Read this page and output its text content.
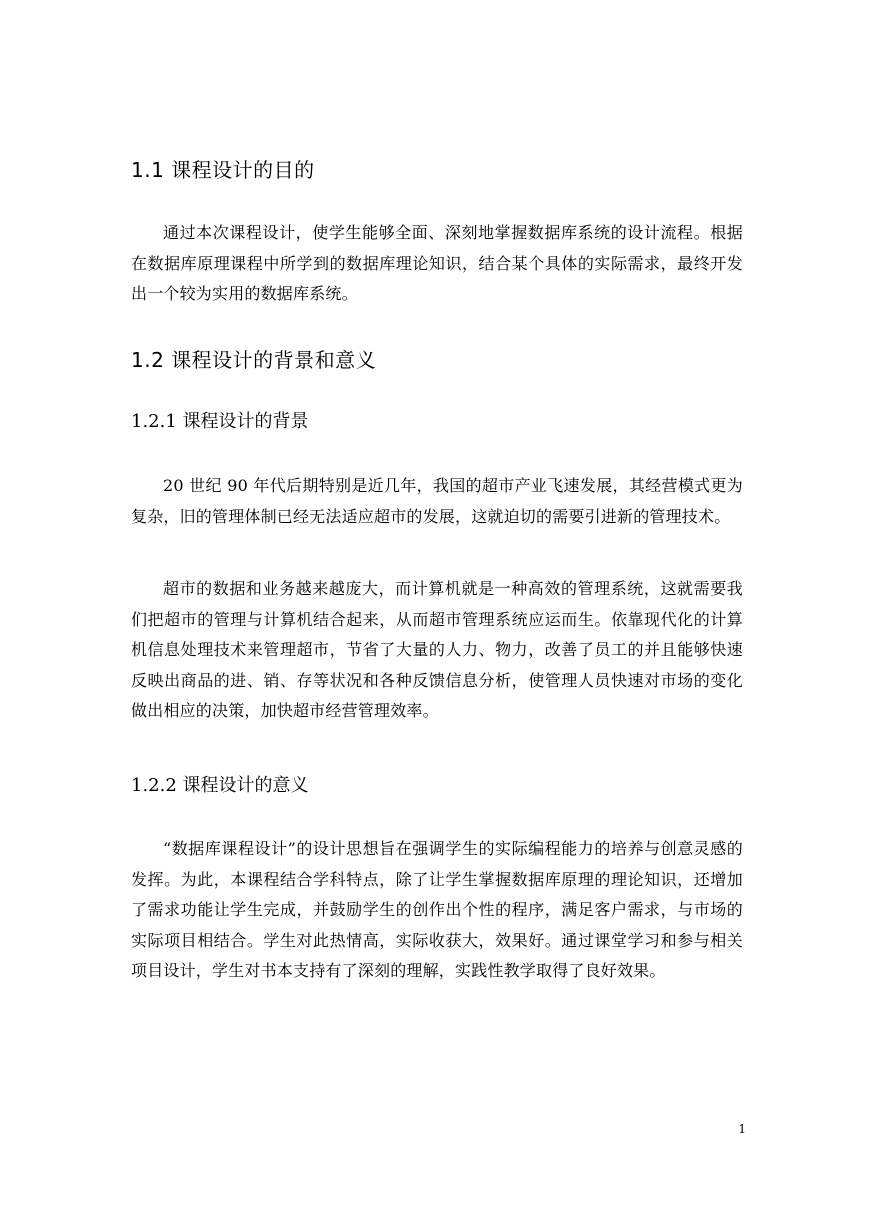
1.1 课程设计的目的

通过本次课程设计，使学生能够全面、深刻地掌握数据库系统的设计流程。根据在数据库原理课程中所学到的数据库理论知识，结合某个具体的实际需求，最终开发出一个较为实用的数据库系统。

1.2 课程设计的背景和意义
1.2.1 课程设计的背景

20 世纪 90 年代后期特别是近几年，我国的超市产业飞速发展，其经营模式更为复杂，旧的管理体制已经无法适应超市的发展，这就迫切的需要引进新的管理技术。

超市的数据和业务越来越庞大，而计算机就是一种高效的管理系统，这就需要我们把超市的管理与计算机结合起来，从而超市管理系统应运而生。依靠现代化的计算机信息处理技术来管理超市，节省了大量的人力、物力，改善了员工的并且能够快速反映出商品的进、销、存等状况和各种反馈信息分析，使管理人员快速对市场的变化做出相应的决策，加快超市经营管理效率。

1.2.2 课程设计的意义

“数据库课程设计”的设计思想旨在强调学生的实际编程能力的培养与创意灵感的发挥。为此，本课程结合学科特点，除了让学生掌握数据库原理的理论知识，还增加了需求功能让学生完成，并鼓励学生的创作出个性的程序，满足客户需求，与市场的实际项目相结合。学生对此热情高，实际收获大，效果好。通过课堂学习和参与相关项目设计，学生对书本支持有了深刻的理解，实践性教学取得了良好效果。

1
